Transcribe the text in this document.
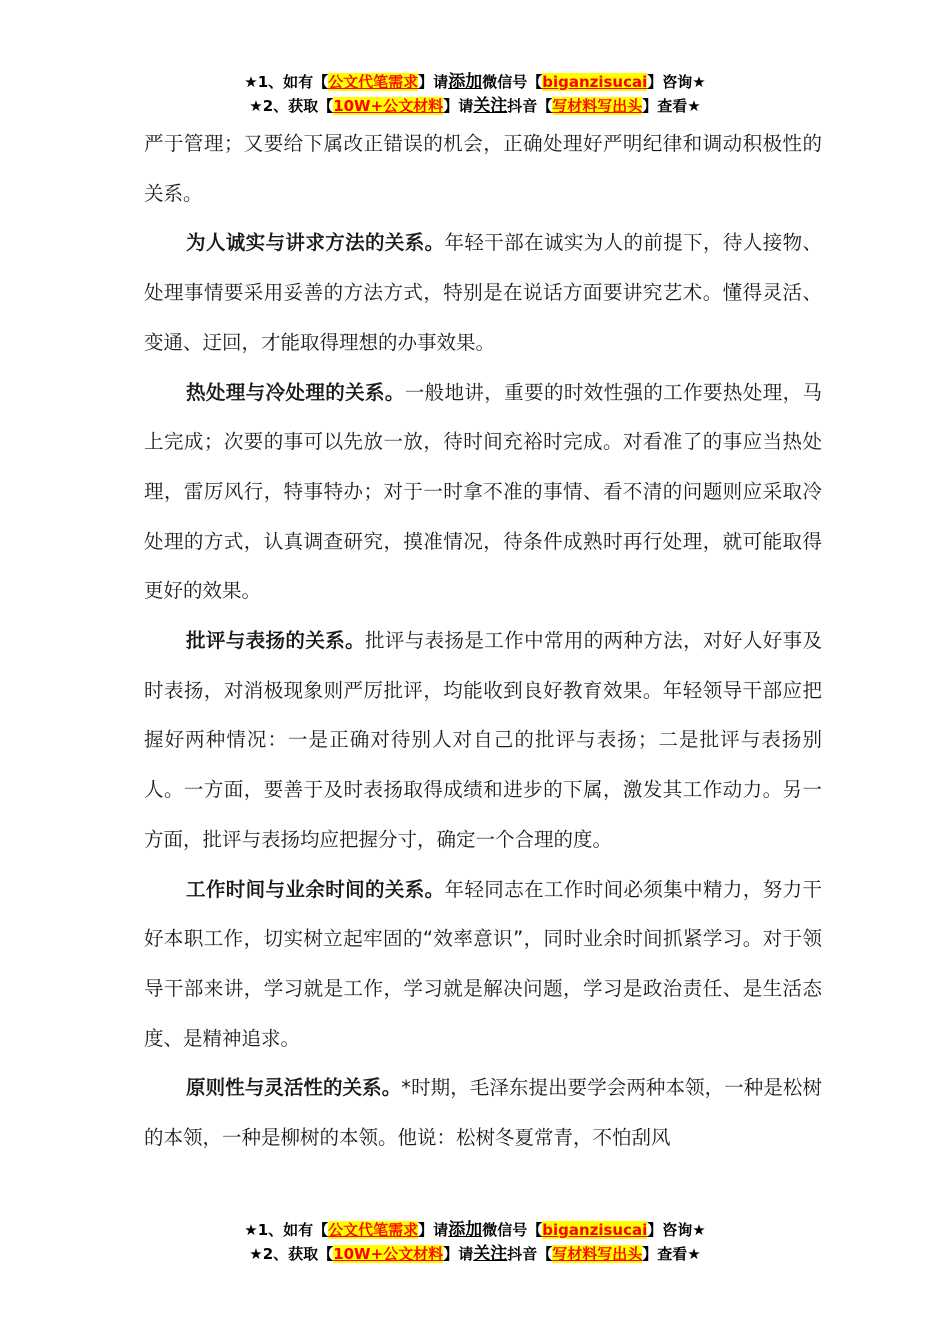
★1、如有【公文代笔需求】请添加微信号【biganzisucai】咨询★
★2、获取【10W+公文材料】请关注抖音【写材料写出头】查看★

严于管理；又要给下属改正错误的机会，正确处理好严明纪律和调动积极性的关系。

为人诚实与讲求方法的关系。年轻干部在诚实为人的前提下，待人接物、处理事情要采用妥善的方法方式，特别是在说话方面要讲究艺术。懂得灵活、变通、迂回，才能取得理想的办事效果。

热处理与冷处理的关系。一般地讲，重要的时效性强的工作要热处理，马上完成；次要的事可以先放一放，待时间充裕时完成。对看准了的事应当热处理，雷厉风行，特事特办；对于一时拿不准的事情、看不清的问题则应采取冷处理的方式，认真调查研究，摸准情况，待条件成熟时再行处理，就可能取得更好的效果。

批评与表扬的关系。批评与表扬是工作中常用的两种方法，对好人好事及时表扬，对消极现象则严厉批评，均能收到良好教育效果。年轻领导干部应把握好两种情况：一是正确对待别人对自己的批评与表扬；二是批评与表扬别人。一方面，要善于及时表扬取得成绩和进步的下属，激发其工作动力。另一方面，批评与表扬均应把握分寸，确定一个合理的度。

工作时间与业余时间的关系。年轻同志在工作时间必须集中精力，努力干好本职工作，切实树立起牢固的“效率意识”，同时业余时间抓紧学习。对于领导干部来讲，学习就是工作，学习就是解决问题，学习是政治责任、是生活态度、是精神追求。

原则性与灵活性的关系。*时期，毛泽东提出要学会两种本领，一种是松树的本领，一种是柳树的本领。他说：松树冬夏常青，不怕刮风

★1、如有【公文代笔需求】请添加微信号【biganzisucai】咨询★
★2、获取【10W+公文材料】请关注抖音【写材料写出头】查看★
